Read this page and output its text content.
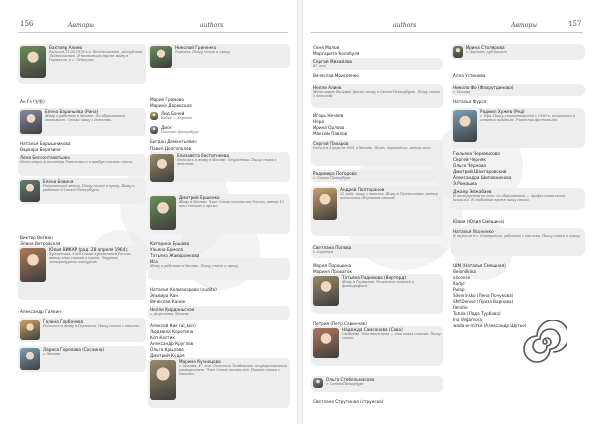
156	Авторы	authors
Бахтияр Алиев
Родился 11.08.1975 в г. Пенджикенте, республика Таджикистан. В настоящее время живу в Германии, в г. Лейпциге.
Ан Гэ (安歌)
Елена Бараньева (Рина)
Живу и работаю в Москве. По образованию экономист. Стихи пишу с детства.
Наталья Барышникова
Варвара Березина
Лена Бессонтаевтыжа
Меня зовут Александра Ривальчик и я пробую писать стихи.
Елена Бовина
Начинающий автор. Пишу стихи и прозу. Живу и работаю в Санкт-Петербурге.
Виктор Вегиан
Элина Ветровская
Юлия ВИКАР (род. 28 апреля 1964).
Художница, член Союза художников России, автор книг стихов и прозы. Лауреат литературных конкурсов.
Александр Галкин
Галина Горбачева
Родилась и живу в Германии. Пишу стихи с юности.
Лариса Горелова (Соснина)
г. Москва
Николай Гриненко
Украина. Пишу стихи и прозу.
Мария Громова
Марина Даровская
Лид Бачей
Бабко — Харьков
Диск
Николай Даньербург
Богдан Дементьевич
Павел Долгополов
Елизавета Евстигнеева
Родилась и живу в Москве. Студентка. Пишу стихи с детства.
Дмитрий Ершенко
Живу в Москве. Член Союза писателей России, автор 15 книг стихов и прозы.
Катерина Ершова
Ульяна Ермола
Татьяна Жаворонкова
Иса
Живу и работаю в Москве. Пишу стихи и прозу.
Наталья Колмахарова (vudita)
Эльвира Кан
Вячеслав Канин
Нелли Кирданьсная
г. Апрелевка, Москва
Алексей Кик (al_kon)
Людмила Коротина
Ксп Костик
Александр Круглов
Ольга Крылова
Дмитрий Кудря
Марина Кузнецова
г. Москва, 47 лет. Окончила Тамбовский государственный университет. Член Союза писателей. Пишет стихи с юности.
authors	Авторы	157
Сеня Малой
Маргарита Колобуля
Сергей Михайлов
47 лет
Вячеслав Моисеенко
Нелли Алиев
Меня зовут Валерий Данко, живу в Санкт-Петербурге. Пишу стихи с детства.
Игорь Нечаев
Нора
Ирина Орлова
Максим Павлов
Сергей Пахаров
Родился 3 апреля 1961 в Москве. Поэт, переводчик, автор книг.
Радомира Погорова
г. Санкт-Петербург
Андрей Полторанов
32 года, пишу с юности. Живу в Подмосковье. Автор нескольких сборников стихов.
Светлана Попова
г. Саратов
Мария Порошина
Мариня Проваток
Татьяна Радимова (Вертерд)
Живу в Германии. Увлекаюсь поэзией и фотографией.
Петрия (Петр Савинчак)
Надежда Самсонова (Сава)
Свободна. Это твоя вина — это новая стихия. Пишу стихи.
Ольга Стебельмасова
г. Санкт-Петербург
Светлана Струтиная (струнска)
Ирина Столярова
г. Харьков, публицист
Алла Устинова
Никола Фо (Фахрутдинова)
г. Москва
Наталья Фурсе
Радмил Хужев (Ред)
г. Уфа. Пишу стихотворения с 1990-х, печатаюсь в сетевых изданиях. Участник фестивалей.
Гюльяна Черемисова
Сергей Черняк
Ольга Чернова
Дмитрий Шахтаровский
Александра Шиповникова
Э.Ромашка
Джанр Эйжабаев
Я инструктор по йоге, по образованию — профессиональный психолог. В свободное время пишу стихи.
Юлия (Юлия Смешина)
Наталья Ясоненко
Я выросла в г. Ставрополь, работаю с книгами. Пишу стихи и прозу.
ШМ (Наталья Смешная)
Belonilkina
alicense
Kadyl
Pulap
Silverinsko (Лена Почукова)
SNYDenise (Луиза Варнова)
tlenitie
Tutula (Лада Турбова)
Ina Vegamora
wada w-mirke (Александр Шутье)
